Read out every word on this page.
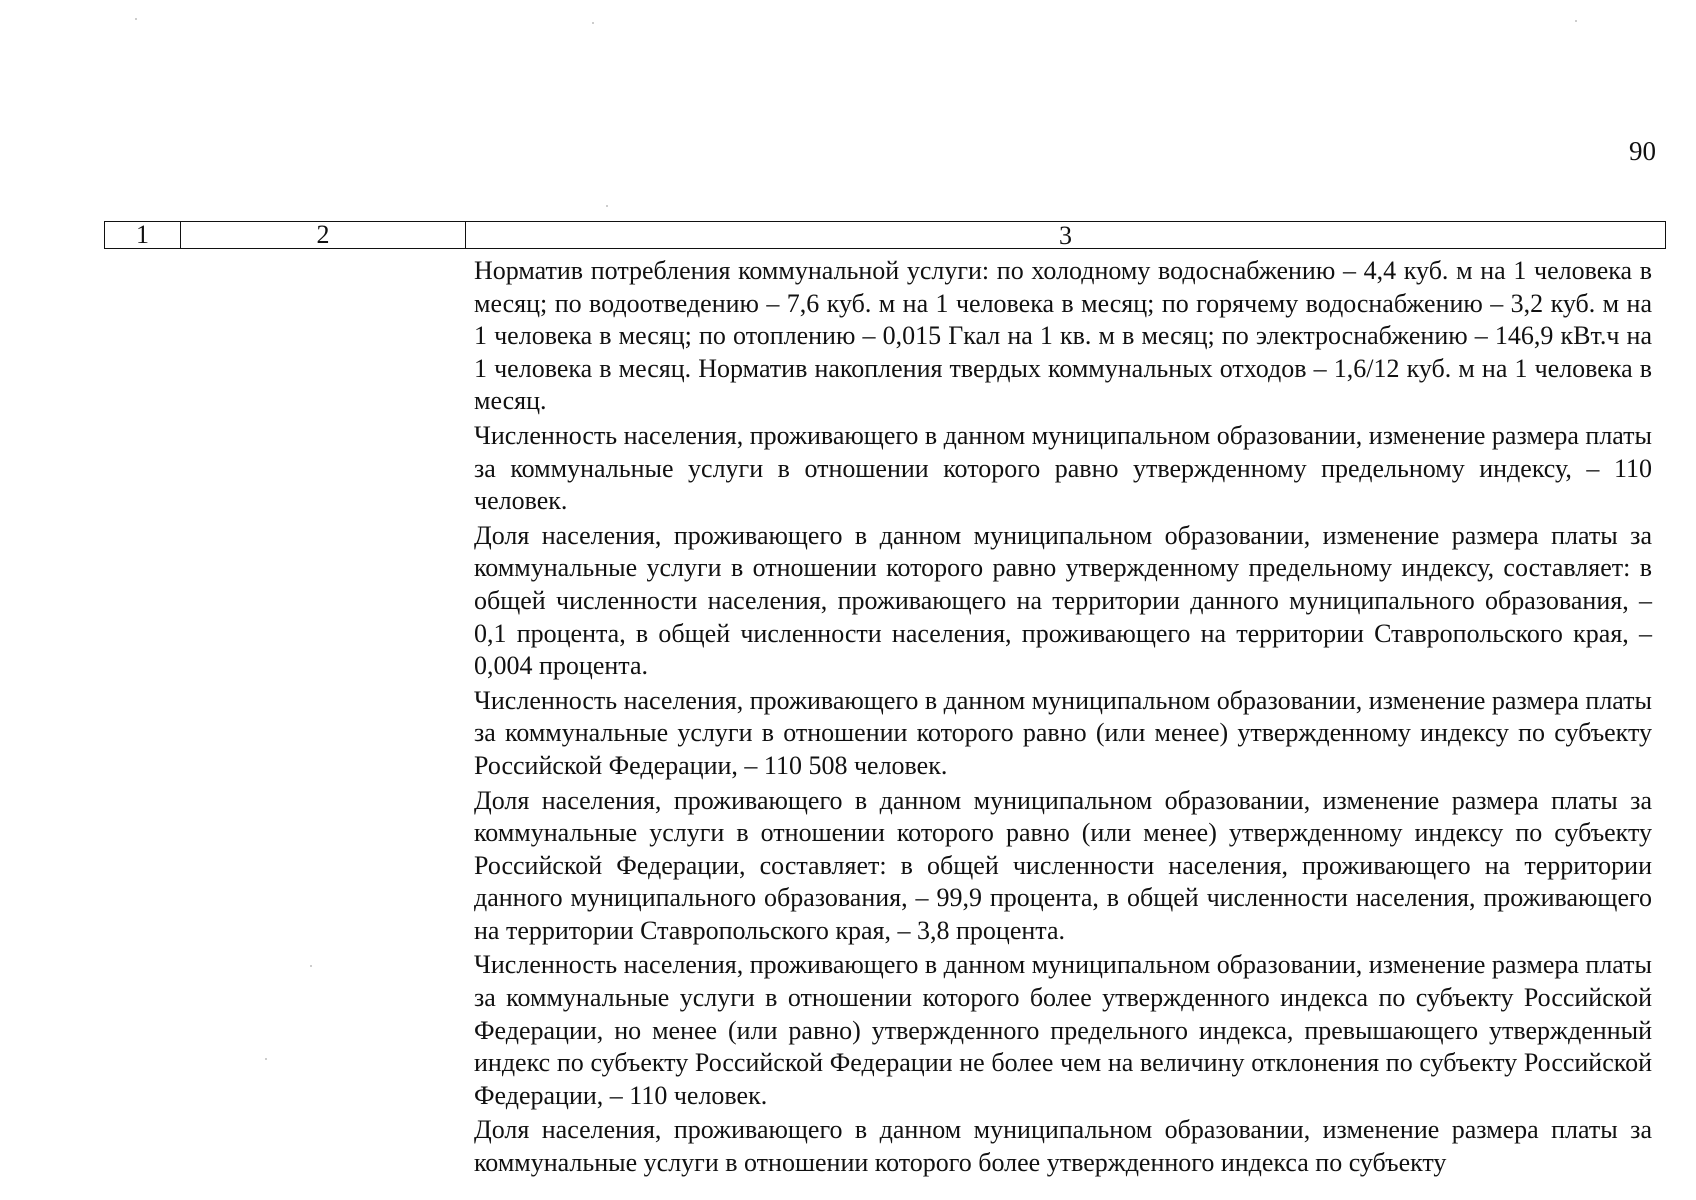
90
1	2	3

Норматив потребления коммунальной услуги: по холодному водоснабжению – 4,4 куб. м на 1 человека в месяц; по водоотведению – 7,6 куб. м на 1 человека в месяц; по горячему водоснабжению – 3,2 куб. м на 1 человека в месяц; по отоплению – 0,015 Гкал на 1 кв. м в месяц; по электроснабжению – 146,9 кВт.ч на 1 человека в месяц. Норматив накопления твердых коммунальных отходов – 1,6/12 куб. м на 1 человека в месяц.

Численность населения, проживающего в данном муниципальном образовании, изменение размера платы за коммунальные услуги в отношении которого равно утвержденному предельному индексу, – 110 человек.

Доля населения, проживающего в данном муниципальном образовании, изменение размера платы за коммунальные услуги в отношении которого равно утвержденному предельному индексу, составляет: в общей численности населения, проживающего на территории данного муниципального образования, – 0,1 процента, в общей численности населения, проживающего на территории Ставропольского края, – 0,004 процента.

Численность населения, проживающего в данном муниципальном образовании, изменение размера платы за коммунальные услуги в отношении которого равно (или менее) утвержденному индексу по субъекту Российской Федерации, – 110 508 человек.

Доля населения, проживающего в данном муниципальном образовании, изменение размера платы за коммунальные услуги в отношении которого равно (или менее) утвержденному индексу по субъекту Российской Федерации, составляет: в общей численности населения, проживающего на территории данного муниципального образования, – 99,9 процента, в общей численности населения, проживающего на территории Ставропольского края, – 3,8 процента.

Численность населения, проживающего в данном муниципальном образовании, изменение размера платы за коммунальные услуги в отношении которого более утвержденного индекса по субъекту Российской Федерации, но менее (или равно) утвержденного предельного индекса, превышающего утвержденный индекс по субъекту Российской Федерации не более чем на величину отклонения по субъекту Российской Федерации, – 110 человек.

Доля населения, проживающего в данном муниципальном образовании, изменение размера платы за коммунальные услуги в отношении которого более утвержденного индекса по субъекту
